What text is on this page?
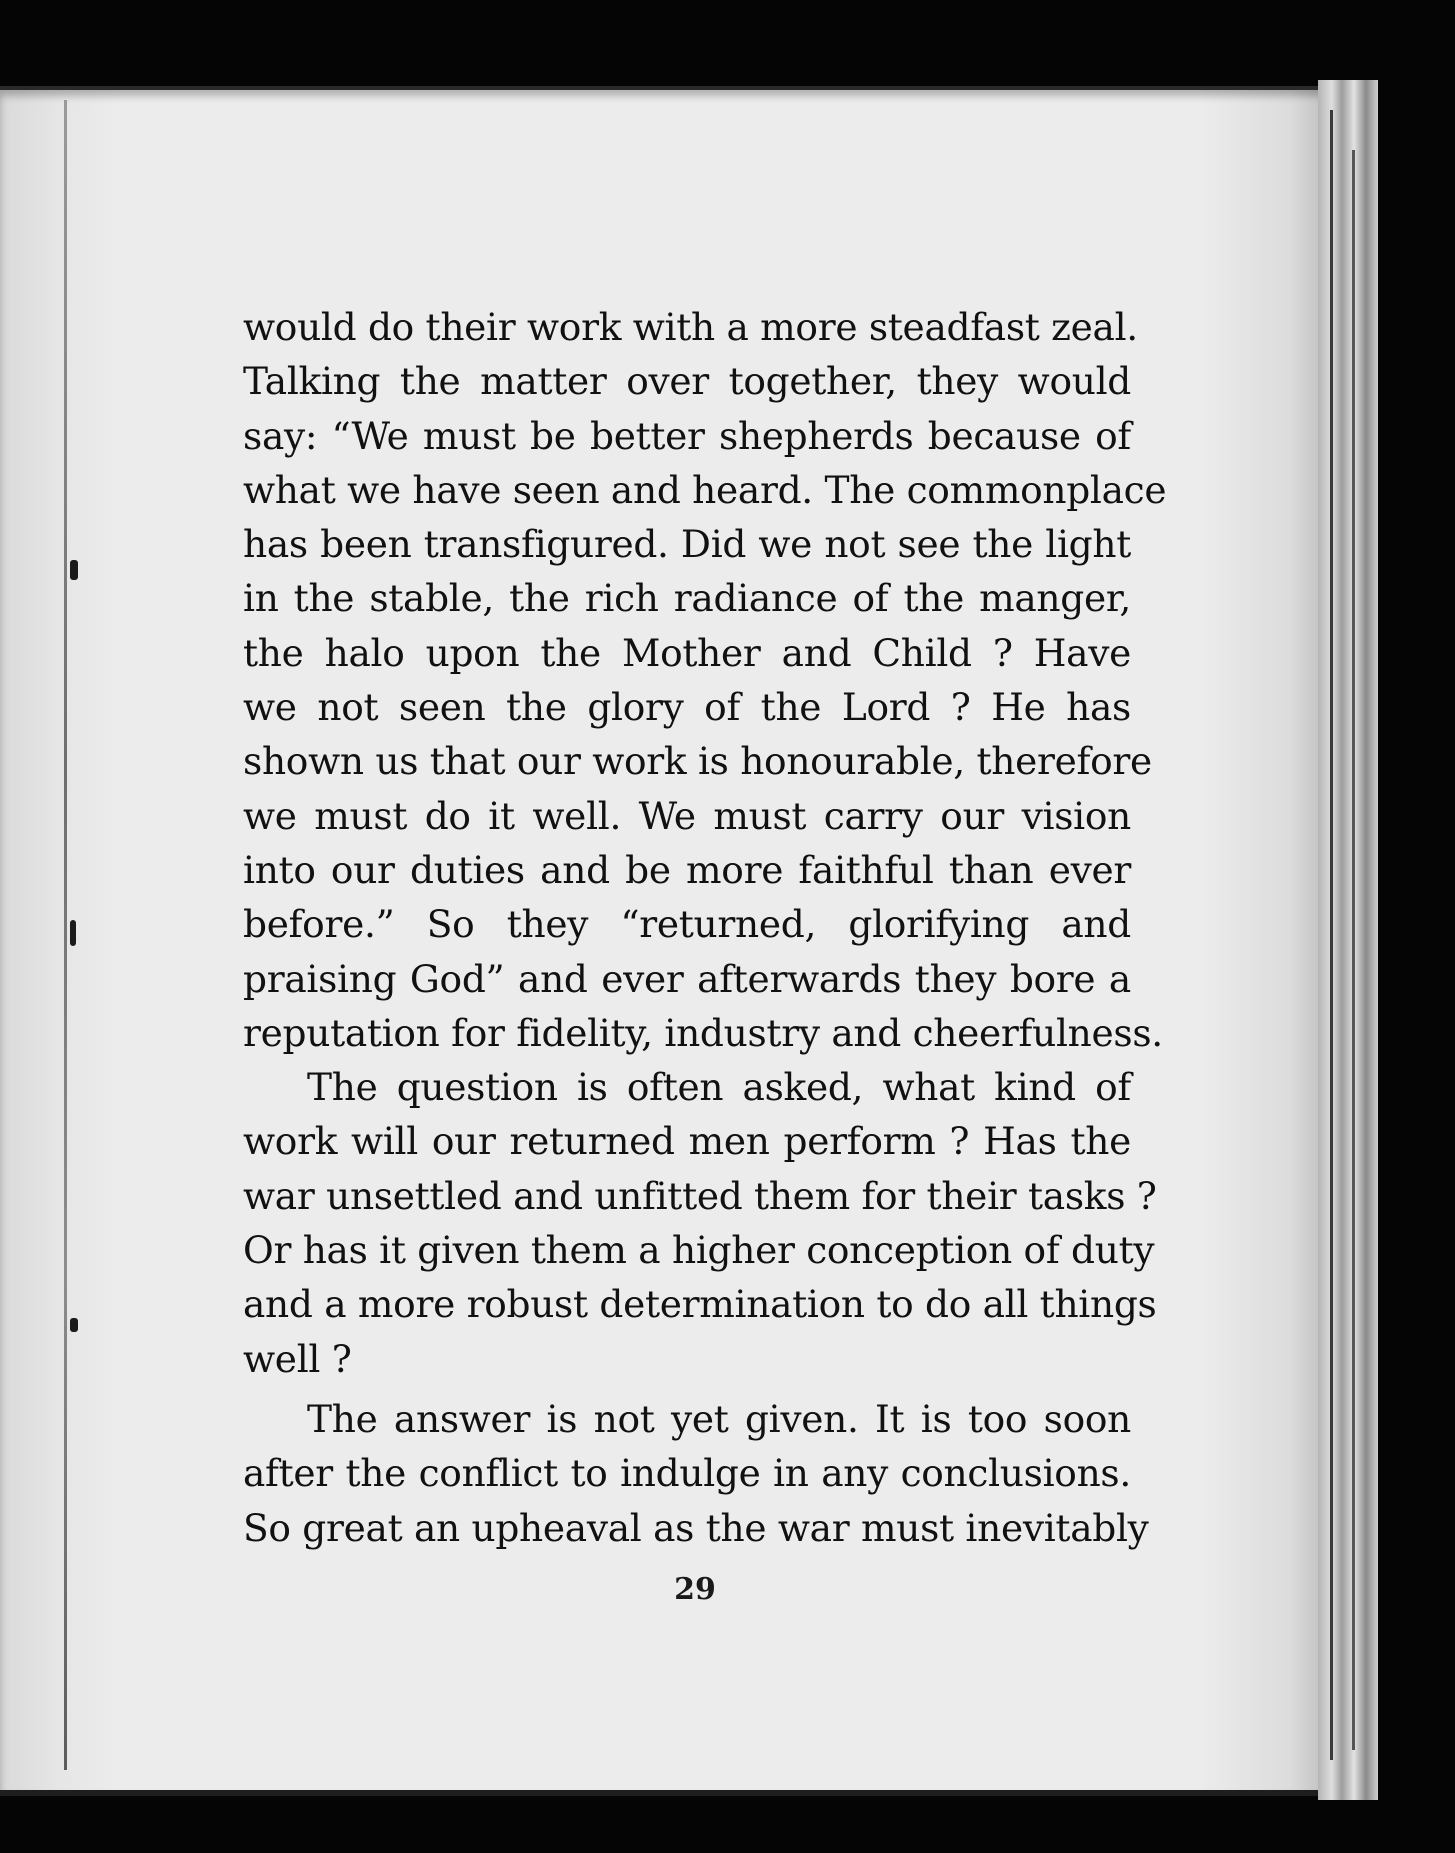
would do their work with a more steadfast zeal.
Talking the matter over together, they would
say: “We must be better shepherds because of
what we have seen and heard. The commonplace
has been transfigured. Did we not see the light
in the stable, the rich radiance of the manger,
the halo upon the Mother and Child ? Have
we not seen the glory of the Lord ? He has
shown us that our work is honourable, therefore
we must do it well. We must carry our vision
into our duties and be more faithful than ever
before.” So they “returned, glorifying and
praising God” and ever afterwards they bore a
reputation for fidelity, industry and cheerfulness.
The question is often asked, what kind of
work will our returned men perform ? Has the
war unsettled and unfitted them for their tasks ?
Or has it given them a higher conception of duty
and a more robust determination to do all things
well ?
The answer is not yet given. It is too soon
after the conflict to indulge in any conclusions.
So great an upheaval as the war must inevitably
29
